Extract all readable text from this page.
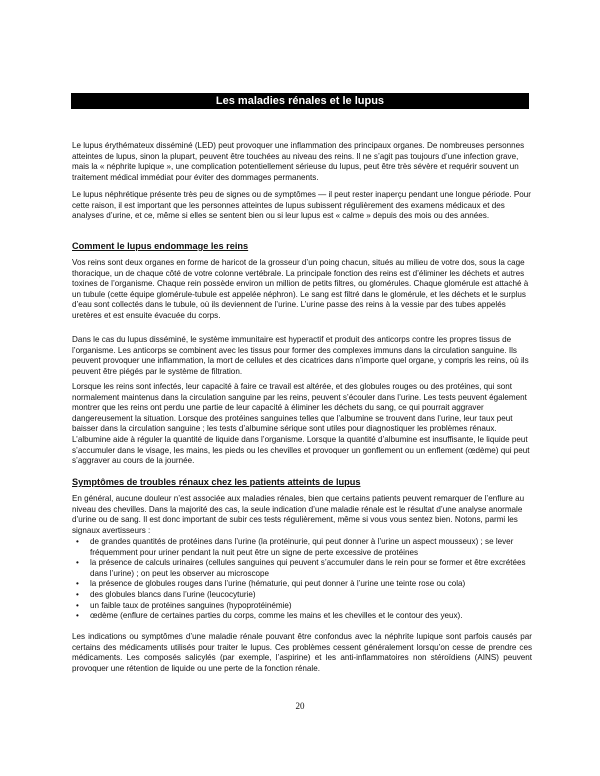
Les maladies rénales et le lupus

Le lupus érythémateux disséminé (LED) peut provoquer une inflammation des principaux organes. De nombreuses personnes atteintes de lupus, sinon la plupart, peuvent être touchées au niveau des reins. Il ne s’agit pas toujours d’une infection grave, mais la « néphrite lupique », une complication potentiellement sérieuse du lupus, peut être très sévère et requérir souvent un traitement médical immédiat pour éviter des dommages permanents.

Le lupus néphrétique présente très peu de signes ou de symptômes — il peut rester inaperçu pendant une longue période. Pour cette raison, il est important que les personnes atteintes de lupus subissent régulièrement des examens médicaux et des analyses d’urine, et ce, même si elles se sentent bien ou si leur lupus est « calme » depuis des mois ou des années.

Comment le lupus endommage les reins

Vos reins sont deux organes en forme de haricot de la grosseur d’un poing chacun, situés au milieu de votre dos, sous la cage thoracique, un de chaque côté de votre colonne vertébrale. La principale fonction des reins est d’éliminer les déchets et autres toxines de l’organisme. Chaque rein possède environ un million de petits filtres, ou glomérules. Chaque glomérule est attaché à un tubule (cette équipe glomérule-tubule est appelée néphron). Le sang est filtré dans le glomérule, et les déchets et le surplus d’eau sont collectés dans le tubule, où ils deviennent de l’urine. L’urine passe des reins à la vessie par des tubes appelés uretères et est ensuite évacuée du corps.

Dans le cas du lupus disséminé, le système immunitaire est hyperactif et produit des anticorps contre les propres tissus de l’organisme. Les anticorps se combinent avec les tissus pour former des complexes immuns dans la circulation sanguine. Ils peuvent provoquer une inflammation, la mort de cellules et des cicatrices dans n’importe quel organe, y compris les reins, où ils peuvent être piégés par le système de filtration.

Lorsque les reins sont infectés, leur capacité à faire ce travail est altérée, et des globules rouges ou des protéines, qui sont normalement maintenus dans la circulation sanguine par les reins, peuvent s’écouler dans l’urine. Les tests peuvent également montrer que les reins ont perdu une partie de leur capacité à éliminer les déchets du sang, ce qui pourrait aggraver dangereusement la situation. Lorsque des protéines sanguines telles que l’albumine se trouvent dans l’urine, leur taux peut baisser dans la circulation sanguine ; les tests d’albumine sérique sont utiles pour diagnostiquer les problèmes rénaux. L’albumine aide à réguler la quantité de liquide dans l’organisme. Lorsque la quantité d’albumine est insuffisante, le liquide peut s’accumuler dans le visage, les mains, les pieds ou les chevilles et provoquer un gonflement ou un enflement (œdème) qui peut s’aggraver au cours de la journée.

Symptômes de troubles rénaux chez les patients atteints de lupus

En général, aucune douleur n’est associée aux maladies rénales, bien que certains patients peuvent remarquer de l’enflure au niveau des chevilles. Dans la majorité des cas, la seule indication d’une maladie rénale est le résultat d’une analyse anormale d’urine ou de sang. Il est donc important de subir ces tests régulièrement, même si vous vous sentez bien. Notons, parmi les signaux avertisseurs :

• de grandes quantités de protéines dans l’urine (la protéinurie, qui peut donner à l’urine un aspect mousseux) ; se lever fréquemment pour uriner pendant la nuit peut être un signe de perte excessive de protéines
• la présence de calculs urinaires (cellules sanguines qui peuvent s’accumuler dans le rein pour se former et être excrétées dans l’urine) ; on peut les observer au microscope
• la présence de globules rouges dans l’urine (hématurie, qui peut donner à l’urine une teinte rose ou cola)
• des globules blancs dans l’urine (leucocyturie)
• un faible taux de protéines sanguines (hypoprotéinémie)
• œdème (enflure de certaines parties du corps, comme les mains et les chevilles et le contour des yeux).

Les indications ou symptômes d’une maladie rénale pouvant être confondus avec la néphrite lupique sont parfois causés par certains des médicaments utilisés pour traiter le lupus. Ces problèmes cessent généralement lorsqu’on cesse de prendre ces médicaments. Les composés salicylés (par exemple, l’aspirine) et les anti-inflammatoires non stéroïdiens (AINS) peuvent provoquer une rétention de liquide ou une perte de la fonction rénale.

20
